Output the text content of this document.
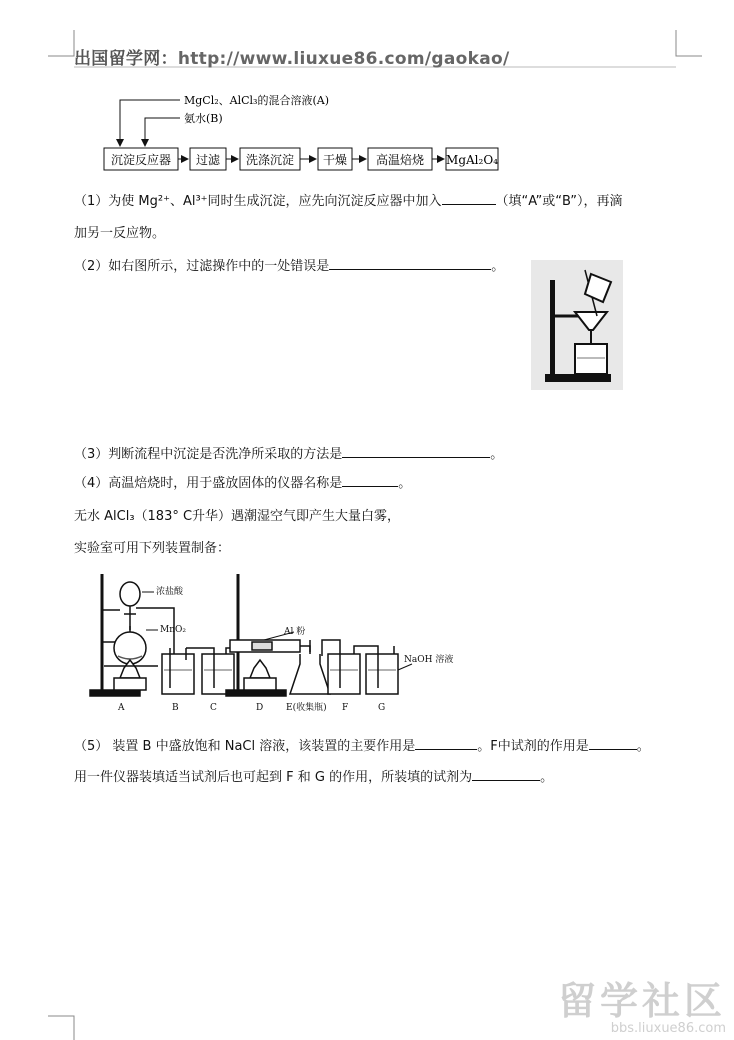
出国留学网：http://www.liuxue86.com/gaokao/
MgCl₂、AlCl₃的混合溶液(A)
氨水(B)
沉淀反应器 过滤 洗涤沉淀 干燥 高温焙烧 MgAl₂O₄
（1）为使 Mg²⁺、Al³⁺同时生成沉淀，应先向沉淀反应器中加入	（填“A”或“B”），再滴
加另一反应物。
（2）如右图所示，过滤操作中的一处错误是	。
（3）判断流程中沉淀是否洗净所采取的方法是	。
（4）高温焙烧时，用于盛放固体的仪器名称是	。
无水 AlCl₃（183° C升华）遇潮湿空气即产生大量白雾，
实验室可用下列装置制备：
浓盐酸
MnO₂	Al 粉
NaOH 溶液
A	B	C	D	E(收集瓶) F	G
（5） 装置 B 中盛放饱和 NaCl 溶液，该装置的主要作用是	。F中试剂的作用是	。
用一件仪器装填适当试剂后也可起到 F 和 G 的作用，所装填的试剂为	。
留学社区
bbs.liuxue86.com
